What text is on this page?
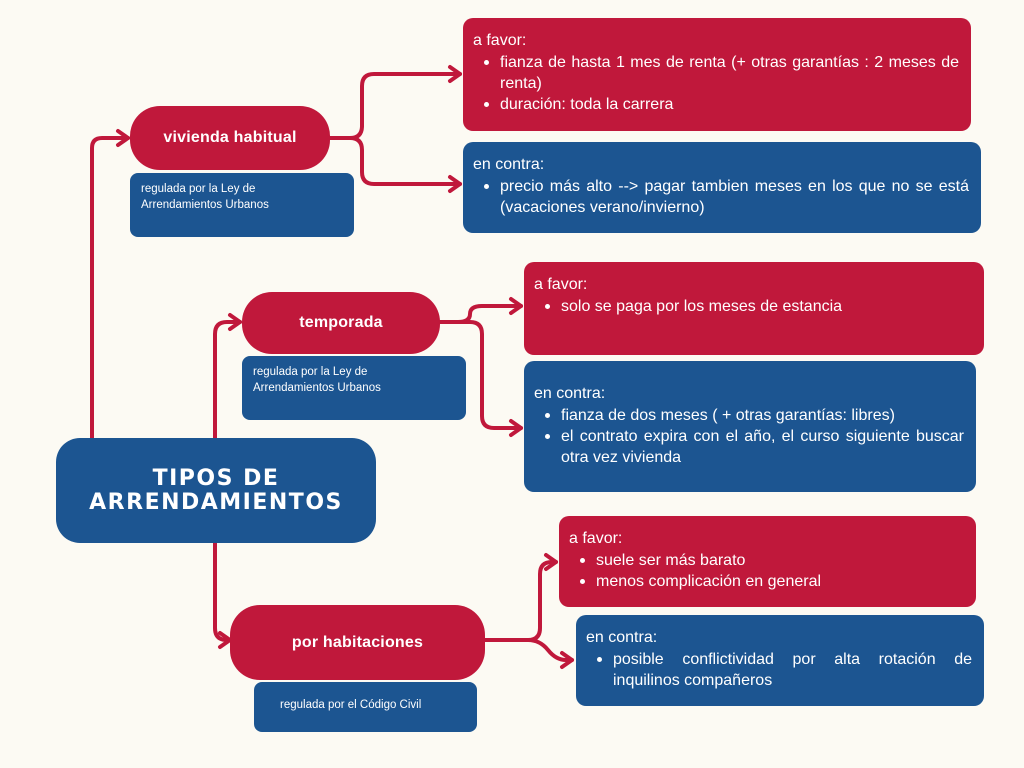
TIPOS DE ARRENDAMIENTOS
vivienda habitual
regulada por la Ley de Arrendamientos Urbanos
a favor:
fianza de hasta 1 mes de renta (+ otras garantías : 2 meses de renta)
duración: toda la carrera
en contra:
precio más alto --> pagar tambien meses en los que no se está (vacaciones verano/invierno)
temporada
regulada por la Ley de Arrendamientos Urbanos
a favor:
solo se paga por los meses de estancia
en contra:
fianza de dos meses ( + otras garantías: libres)
el contrato expira con el año, el curso siguiente buscar otra vez vivienda
por habitaciones
regulada por el Código Civil
a favor:
suele ser más barato
menos complicación en general
en contra:
posible conflictividad por alta rotación de inquilinos compañeros
